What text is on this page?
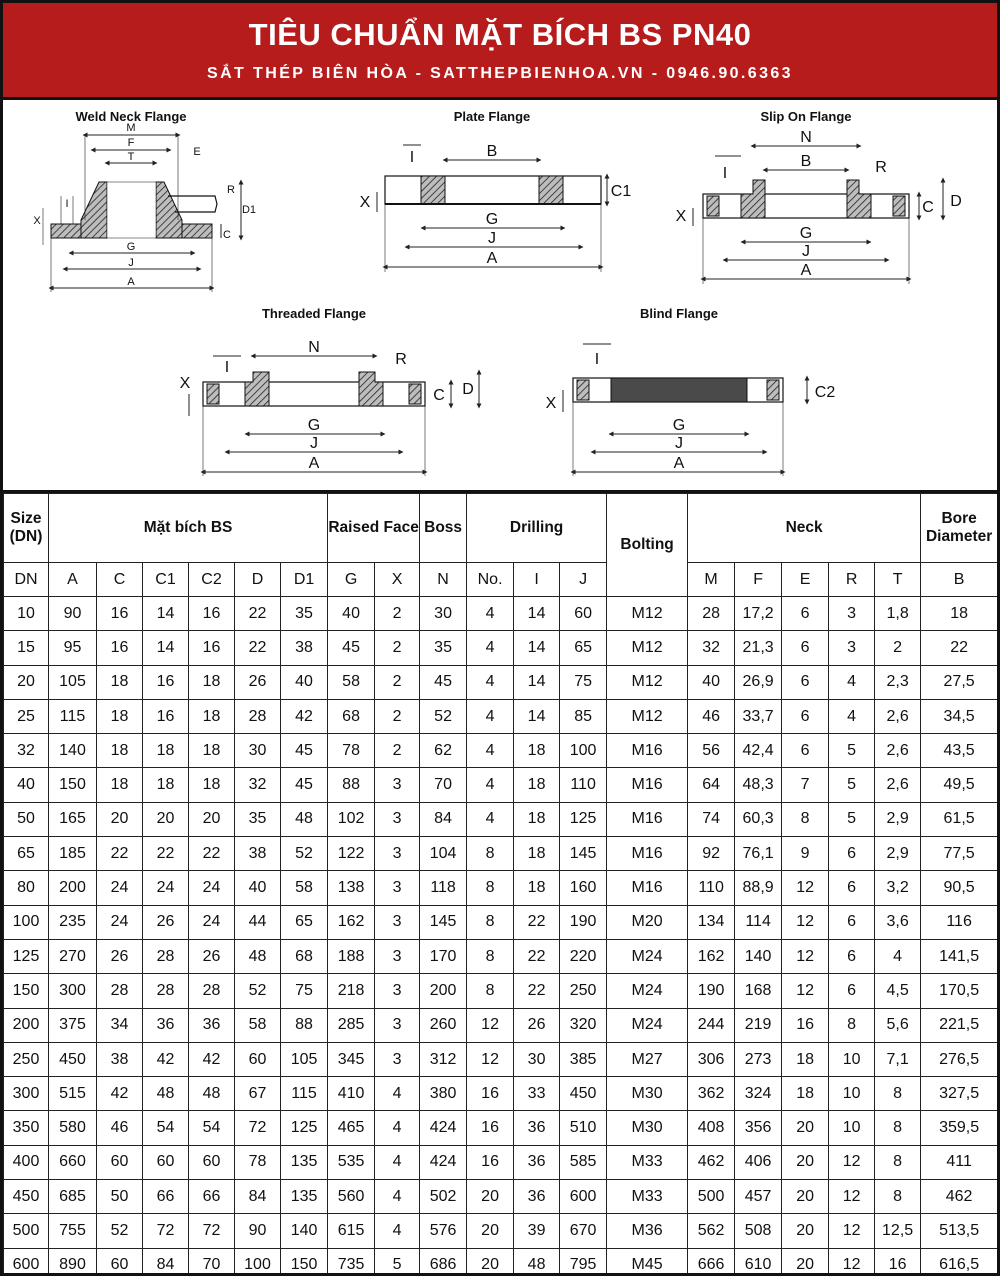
TIÊU CHUẨN MẶT BÍCH BS PN40
SẮT THÉP BIÊN HÒA - SATTHEPBIENHOA.VN - 0946.90.6363
Weld Neck Flange
M
F
T	E
R
I
X
D1
C
G
J
A
Plate Flange
B
I
X
C1
G
J
A
Slip On Flange
N
B
I	R
X
C D
G
J
A
Threaded Flange
N
I	R
X
C D
G
J
A
Blind Flange
I
X
C2
G
J
A
Size (DN)	Mặt bích BS						Raised Face		Boss	Drilling			Bolting	Neck					Bore Diameter
DN	A	C	C1	C2	D	D1	G	X	N	No.	I	J		M	F	E	R	T	B
10	90	16	14	16	22	35	40	2	30	4	14	60	M12	28	17,2	6	3	1,8	18
15	95	16	14	16	22	38	45	2	35	4	14	65	M12	32	21,3	6	3	2	22
20	105	18	16	18	26	40	58	2	45	4	14	75	M12	40	26,9	6	4	2,3	27,5
25	115	18	16	18	28	42	68	2	52	4	14	85	M12	46	33,7	6	4	2,6	34,5
32	140	18	18	18	30	45	78	2	62	4	18	100	M16	56	42,4	6	5	2,6	43,5
40	150	18	18	18	32	45	88	3	70	4	18	110	M16	64	48,3	7	5	2,6	49,5
50	165	20	20	20	35	48	102	3	84	4	18	125	M16	74	60,3	8	5	2,9	61,5
65	185	22	22	22	38	52	122	3	104	8	18	145	M16	92	76,1	9	6	2,9	77,5
80	200	24	24	24	40	58	138	3	118	8	18	160	M16	110	88,9	12	6	3,2	90,5
100	235	24	26	24	44	65	162	3	145	8	22	190	M20	134	114	12	6	3,6	116
125	270	26	28	26	48	68	188	3	170	8	22	220	M24	162	140	12	6	4	141,5
150	300	28	28	28	52	75	218	3	200	8	22	250	M24	190	168	12	6	4,5	170,5
200	375	34	36	36	58	88	285	3	260	12	26	320	M24	244	219	16	8	5,6	221,5
250	450	38	42	42	60	105	345	3	312	12	30	385	M27	306	273	18	10	7,1	276,5
300	515	42	48	48	67	115	410	4	380	16	33	450	M30	362	324	18	10	8	327,5
350	580	46	54	54	72	125	465	4	424	16	36	510	M30	408	356	20	10	8	359,5
400	660	60	60	60	78	135	535	4	424	16	36	585	M33	462	406	20	12	8	411
450	685	50	66	66	84	135	560	4	502	20	36	600	M33	500	457	20	12	8	462
500	755	52	72	72	90	140	615	4	576	20	39	670	M36	562	508	20	12	12,5	513,5
600	890	60	84	70	100	150	735	5	686	20	48	795	M45	666	610	20	12	16	616,5
